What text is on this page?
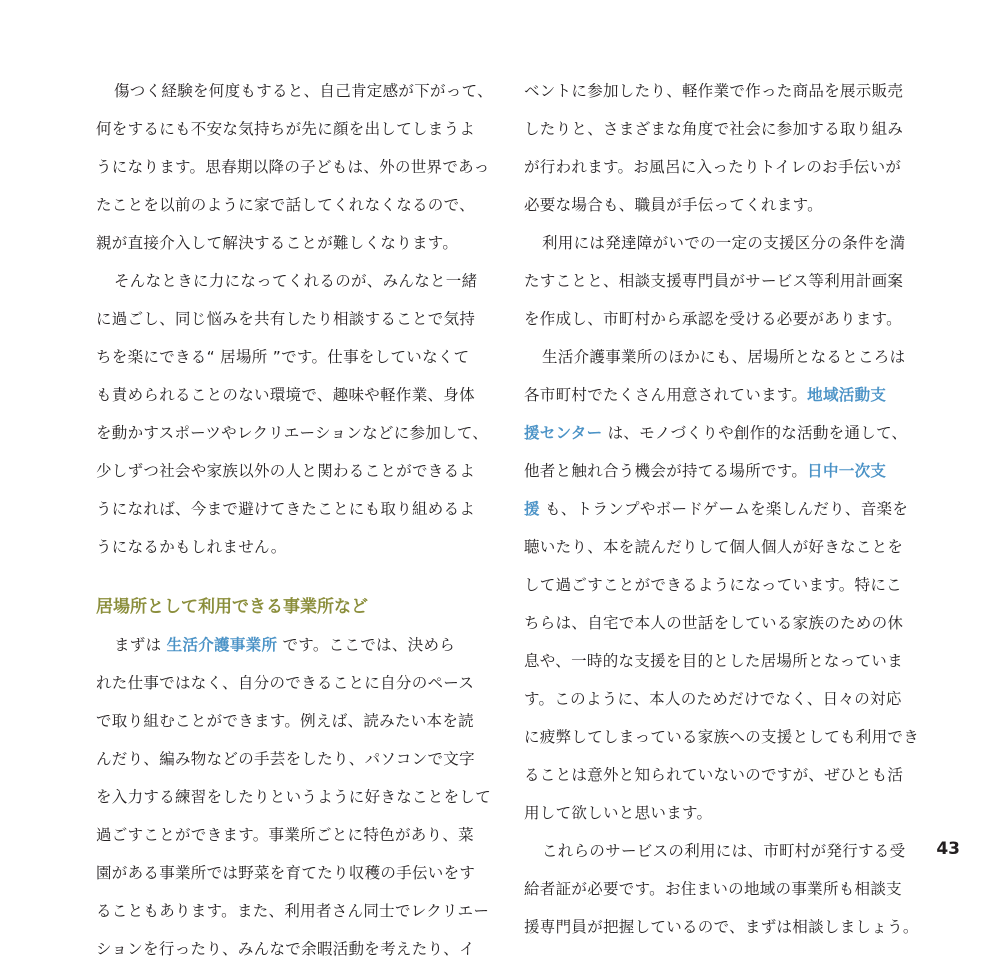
傷つく経験を何度もすると、自己肯定感が下がって、
何をするにも不安な気持ちが先に顔を出してしまうよ
うになります。思春期以降の子どもは、外の世界であっ
たことを以前のように家で話してくれなくなるので、
親が直接介入して解決することが難しくなります。
そんなときに力になってくれるのが、みんなと一緒
に過ごし、同じ悩みを共有したり相談することで気持
ちを楽にできる“ 居場所 ”です。仕事をしていなくて
も責められることのない環境で、趣味や軽作業、身体
を動かすスポーツやレクリエーションなどに参加して、
少しずつ社会や家族以外の人と関わることができるよ
うになれば、今まで避けてきたことにも取り組めるよ
うになるかもしれません。
居場所として利用できる事業所など
まずは 生活介護事業所 です。ここでは、決めら
れた仕事ではなく、自分のできることに自分のペース
で取り組むことができます。例えば、読みたい本を読
んだり、編み物などの手芸をしたり、パソコンで文字
を入力する練習をしたりというように好きなことをして
過ごすことができます。事業所ごとに特色があり、菜
園がある事業所では野菜を育てたり収穫の手伝いをす
ることもあります。また、利用者さん同士でレクリエー
ションを行ったり、みんなで余暇活動を考えたり、イ
ベントに参加したり、軽作業で作った商品を展示販売
したりと、さまざまな角度で社会に参加する取り組み
が行われます。お風呂に入ったりトイレのお手伝いが
必要な場合も、職員が手伝ってくれます。
利用には発達障がいでの一定の支援区分の条件を満
たすことと、相談支援専門員がサービス等利用計画案
を作成し、市町村から承認を受ける必要があります。
生活介護事業所のほかにも、居場所となるところは
各市町村でたくさん用意されています。地域活動支
援センター は、モノづくりや創作的な活動を通して、
他者と触れ合う機会が持てる場所です。日中一次支
援 も、トランプやボードゲームを楽しんだり、音楽を
聴いたり、本を読んだりして個人個人が好きなことを
して過ごすことができるようになっています。特にこ
ちらは、自宅で本人の世話をしている家族のための休
息や、一時的な支援を目的とした居場所となっていま
す。このように、本人のためだけでなく、日々の対応
に疲弊してしまっている家族への支援としても利用でき
ることは意外と知られていないのですが、ぜひとも活
用して欲しいと思います。
これらのサービスの利用には、市町村が発行する受
給者証が必要です。お住まいの地域の事業所も相談支
援専門員が把握しているので、まずは相談しましょう。
43
